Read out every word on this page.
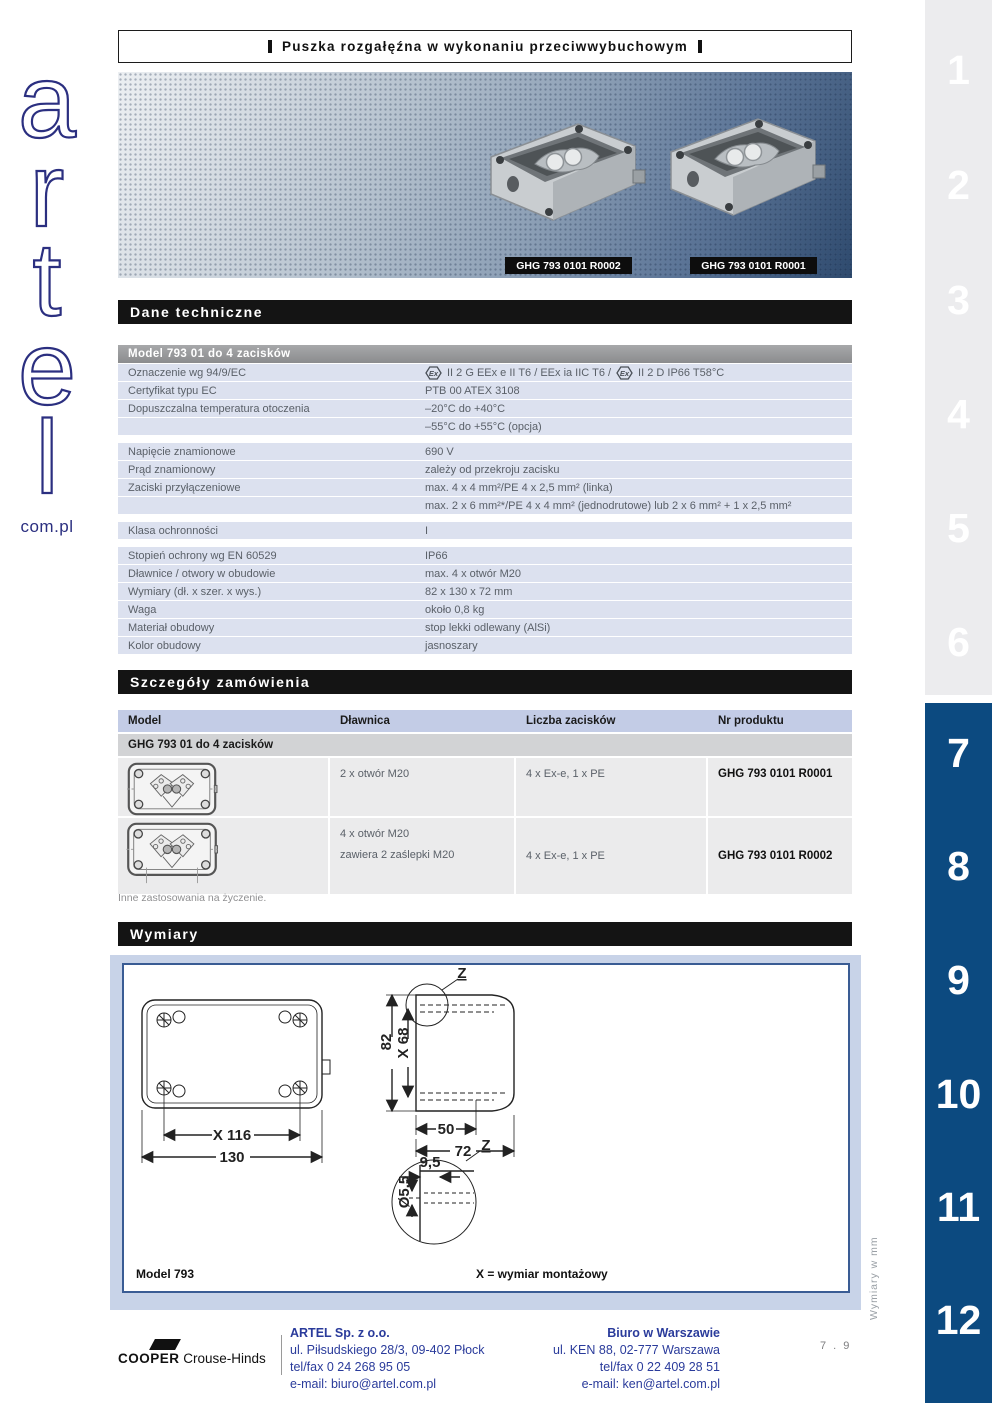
a
r
t
e
l
com.pl
1
2
3
4
5
6
7
8
9
10
11
12
Puszka rozgałęźna w wykonaniu przeciwwybuchowym
GHG 793 0101 R0002	GHG 793 0101 R0001
Dane techniczne
Model 793 01 do 4 zacisków
Oznaczenie wg 94/9/EC	Ex II 2 G EEx e II T6 / EEx ia IIC T6 / Ex II 2 D IP66 T58°C
Certyfikat typu EC	PTB 00 ATEX 3108
Dopuszczalna temperatura otoczenia	–20°C do +40°C
–55°C do +55°C (opcja)
Napięcie znamionowe	690 V
Prąd znamionowy	zależy od przekroju zacisku
Zaciski przyłączeniowe	max. 4 x 4 mm²/PE 4 x 2,5 mm² (linka)
max. 2 x 6 mm²*/PE 4 x 4 mm² (jednodrutowe) lub 2 x 6 mm² + 1 x 2,5 mm²
Klasa ochronności	I
Stopień ochrony wg EN 60529	IP66
Dławnice / otwory w obudowie	max. 4 x otwór M20
Wymiary (dł. x szer. x wys.)	82 x 130 x 72 mm
Waga	około 0,8 kg
Materiał obudowy	stop lekki odlewany (AlSi)
Kolor obudowy	jasnoszary
Szczegóły zamówienia
Model	Dławnica	Liczba zacisków	Nr produktu
GHG 793 01 do 4 zacisków
2 x otwór M20	4 x Ex-e, 1 x PE	GHG 793 0101 R0001
4 x otwór M20
zawiera 2 zaślepki M20	4 x Ex-e, 1 x PE	GHG 793 0101 R0002
Inne zastosowania na życzenie.
Wymiary
X 116
130
82 X 68
50
72
Z
9,5
Ø5,5
Z
Model 793	X = wymiar montażowy
COOPER Crouse-Hinds
ARTEL Sp. z o.o.
ul. Piłsudskiego 28/3, 09-402 Płock
tel/fax 0 24 268 95 05
e-mail: biuro@artel.com.pl
Biuro w Warszawie
ul. KEN 88, 02-777 Warszawa
tel/fax 0 22 409 28 51
e-mail: ken@artel.com.pl
Wymiary w mm
7 . 9
